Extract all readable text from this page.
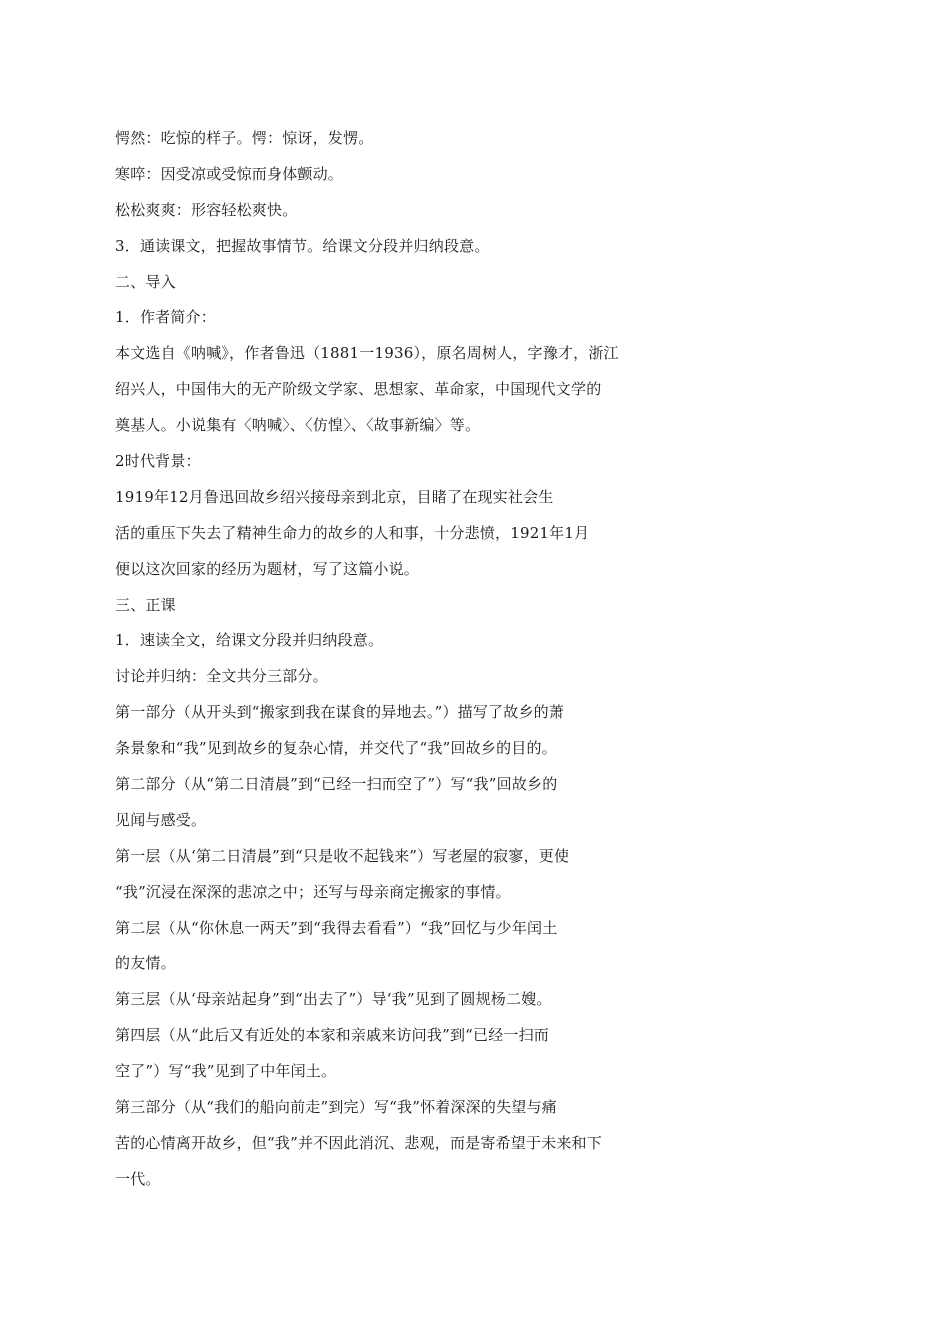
愕然：吃惊的样子。愕：惊讶，发愣。
寒啐：因受凉或受惊而身体颤动。
松松爽爽：形容轻松爽快。
3．通读课文，把握故事情节。给课文分段并归纳段意。
二、导入
1．作者简介：
本文选自《呐喊》，作者鲁迅（1881一1936），原名周树人，字豫才，浙江
绍兴人，中国伟大的无产阶级文学家、思想家、革命家，中国现代文学的
奠基人。小说集有〈呐喊〉、〈仿惶〉、〈故事新编〉等。
2时代背景：
1919年12月鲁迅回故乡绍兴接母亲到北京，目睹了在现实社会生
活的重压下失去了精神生命力的故乡的人和事，十分悲愤，1921年1月
便以这次回家的经历为题材，写了这篇小说。
三、正课
1．速读全文，给课文分段并归纳段意。
讨论并归纳：全文共分三部分。
第一部分（从开头到“搬家到我在谋食的异地去。”）描写了故乡的萧
条景象和“我”见到故乡的复杂心情，并交代了“我”回故乡的目的。
第二部分（从“第二日清晨”到“已经一扫而空了”）写“我”回故乡的
见闻与感受。
第一层（从‘第二日清晨”到“只是收不起钱来”）写老屋的寂寥，更使
“我”沉浸在深深的悲凉之中；还写与母亲商定搬家的事情。
第二层（从“你休息一两天”到“我得去看看”）“我”回忆与少年闰土
的友情。
第三层（从‘母亲站起身”到“出去了”）导‘我”见到了圆规杨二嫂。
第四层（从“此后又有近处的本家和亲戚来访问我”到“已经一扫而
空了”）写“我”见到了中年闰土。
第三部分（从“我们的船向前走”到完）写“我”怀着深深的失望与痛
苦的心情离开故乡，但“我”并不因此消沉、悲观，而是寄希望于未来和下
一代。
